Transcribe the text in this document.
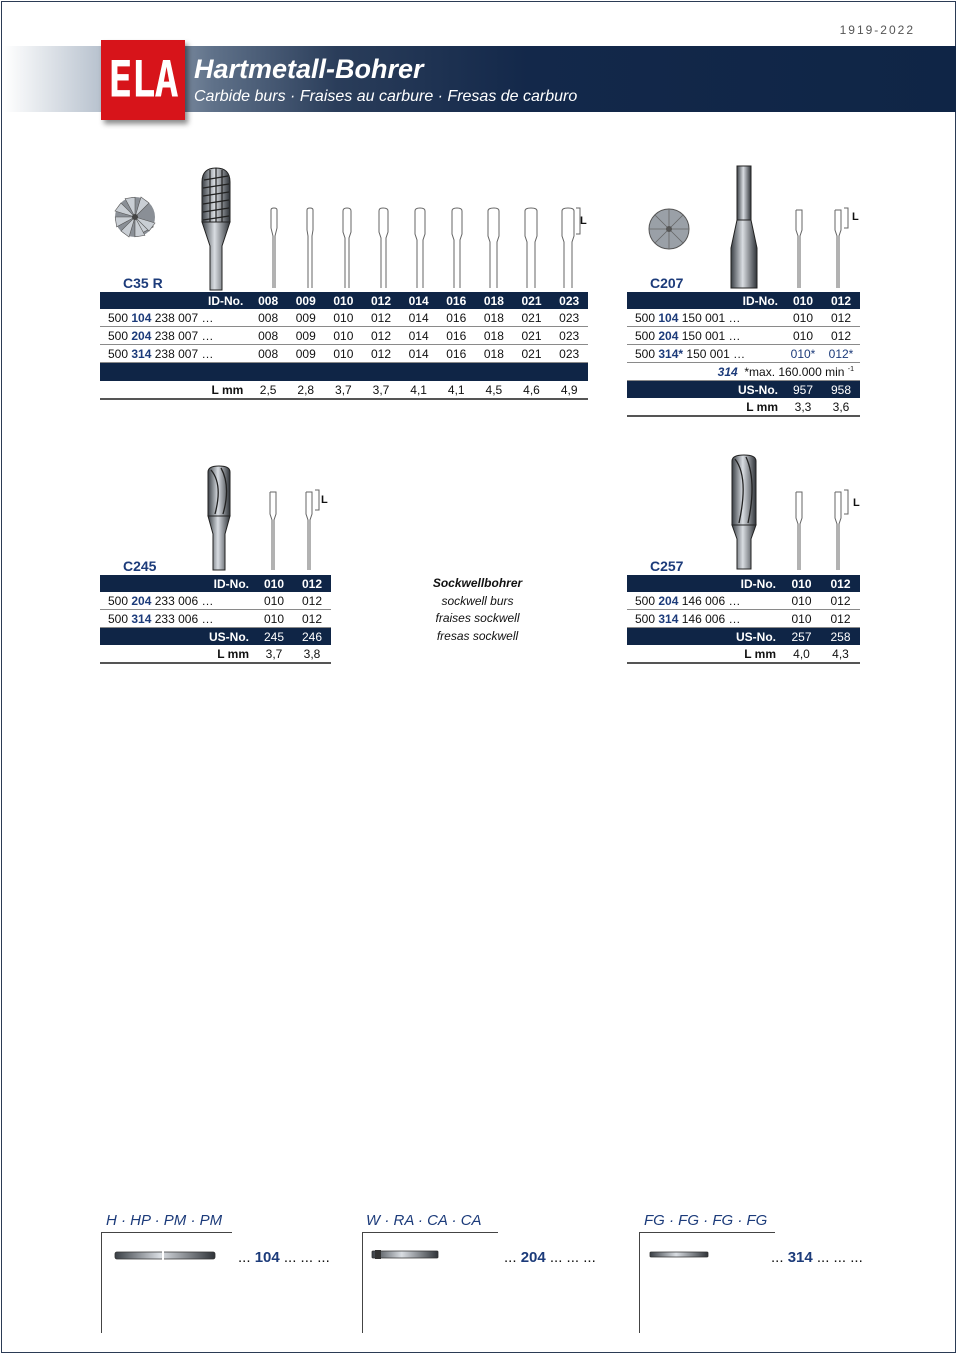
1919-2022
ELA Hartmetall-Bohrer
Carbide burs · Fraises au carbure · Fresas de carburo
L
C35 R
ID-No.	008	009	010	012	014	016	018	021	023
500 104 238 007 …	008	009	010	012	014	016	018	021	023
500 204 238 007 …	008	009	010	012	014	016	018	021	023
500 314 238 007 …	008	009	010	012	014	016	018	021	023

L mm	2,5	2,8	3,7	3,7	4,1	4,1	4,5	4,6	4,9
L
C207
ID-No.	010	012
500 104 150 001 …	010	012
500 204 150 001 …	010	012
500 314* 150 001 …	010*	012*
314 *max. 160.000 min $^{-1}$
US-No.	957	958
L mm	3,3	3,6
L
C245
ID-No.	010	012
500 204 233 006 …	010	012
500 314 233 006 …	010	012
US-No.	245	246
L mm	3,7	3,8
Sockwellbohrer
sockwell burs
fraises sockwell
fresas sockwell
L
C257
ID-No.	010	012
500 204 146 006 …	010	012
500 314 146 006 …	010	012
US-No.	257	258
L mm	4,0	4,3
H · HP · PM · PM
... 104 ... ... ...
W · RA · CA · CA
... 204 ... ... ...
FG · FG · FG · FG
... 314 ... ... ...
